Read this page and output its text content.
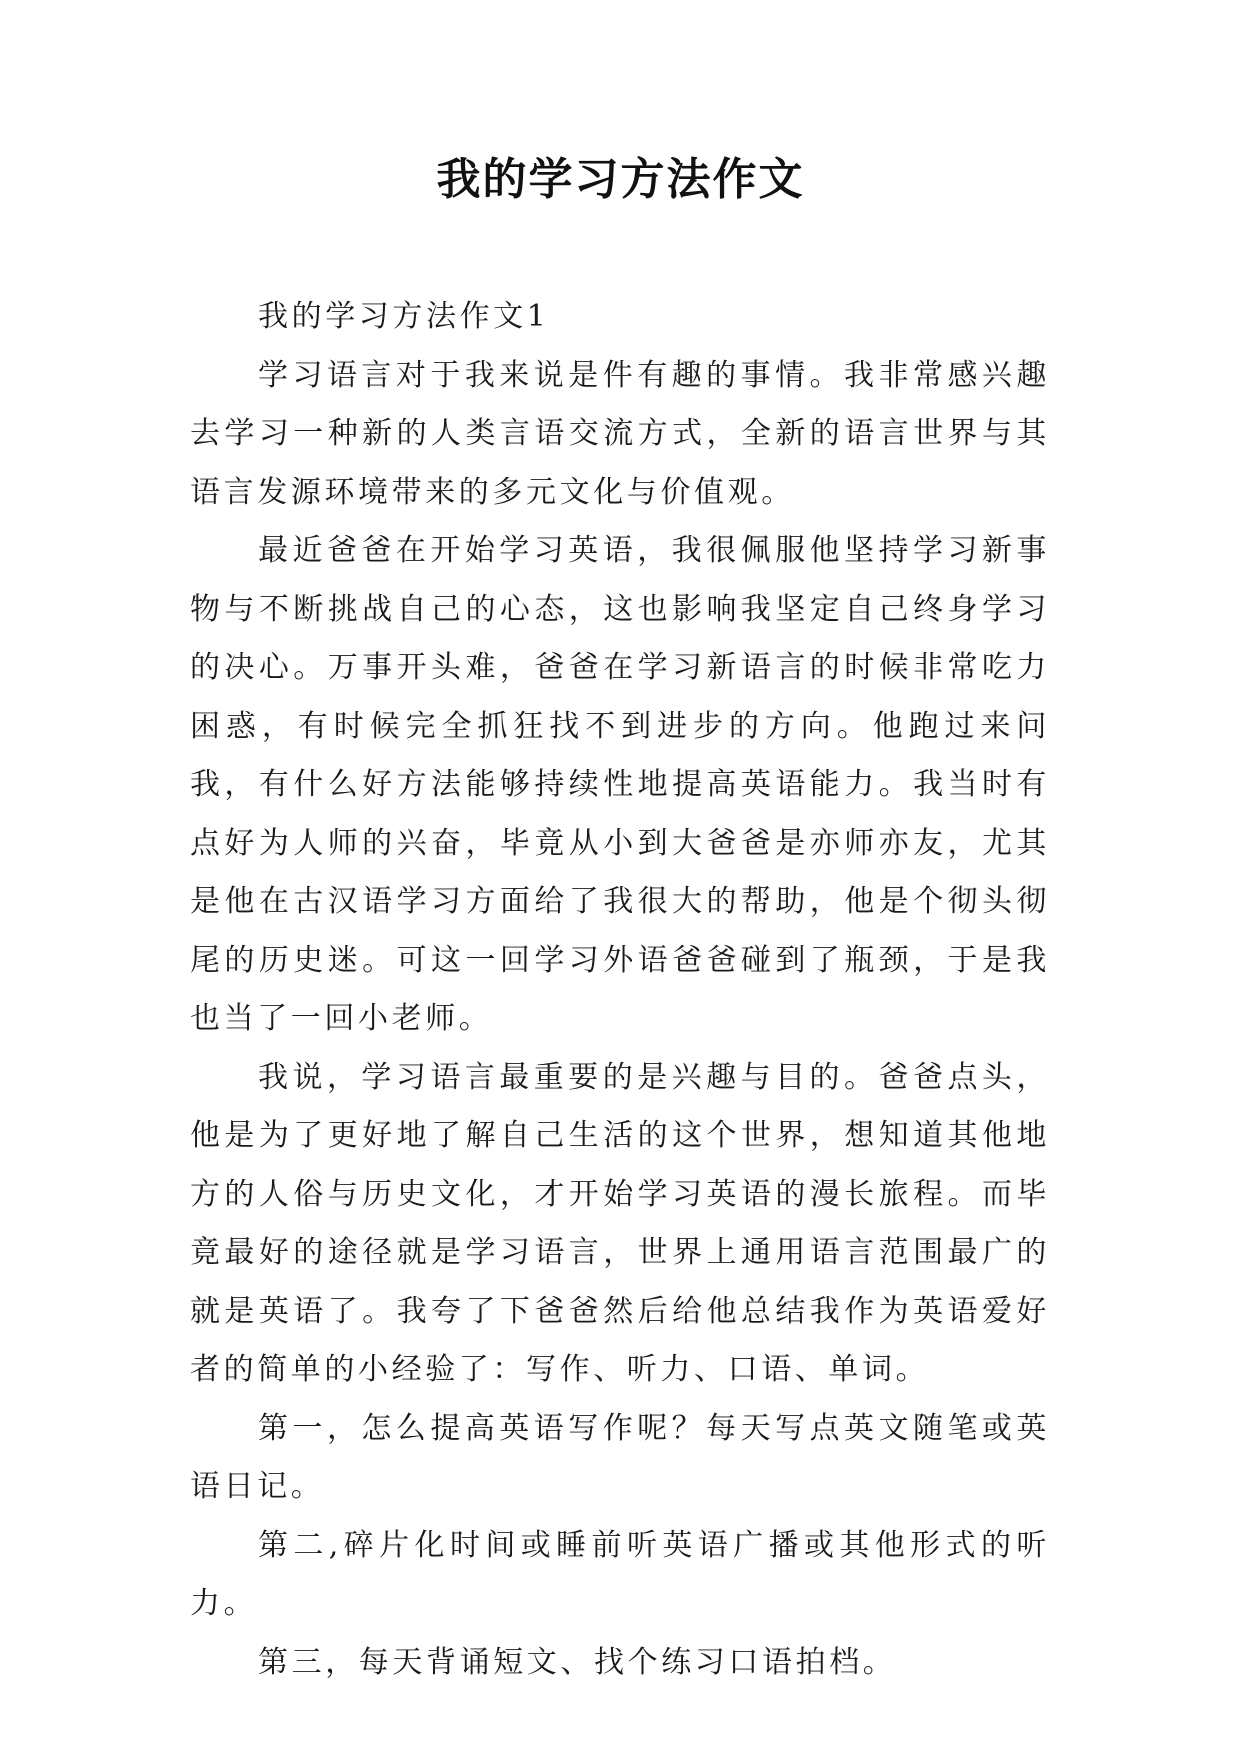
我的学习方法作文

我的学习方法作文1

学习语言对于我来说是件有趣的事情。我非常感兴趣去学习一种新的人类言语交流方式，全新的语言世界与其语言发源环境带来的多元文化与价值观。

最近爸爸在开始学习英语，我很佩服他坚持学习新事物与不断挑战自己的心态，这也影响我坚定自己终身学习的决心。万事开头难，爸爸在学习新语言的时候非常吃力困惑，有时候完全抓狂找不到进步的方向。他跑过来问我，有什么好方法能够持续性地提高英语能力。我当时有点好为人师的兴奋，毕竟从小到大爸爸是亦师亦友，尤其是他在古汉语学习方面给了我很大的帮助，他是个彻头彻尾的历史迷。可这一回学习外语爸爸碰到了瓶颈，于是我也当了一回小老师。

我说，学习语言最重要的是兴趣与目的。爸爸点头，他是为了更好地了解自己生活的这个世界，想知道其他地方的人俗与历史文化，才开始学习英语的漫长旅程。而毕竟最好的途径就是学习语言，世界上通用语言范围最广的就是英语了。我夸了下爸爸然后给他总结我作为英语爱好者的简单的小经验了：写作、听力、口语、单词。

第一，怎么提高英语写作呢？每天写点英文随笔或英语日记。

第二,碎片化时间或睡前听英语广播或其他形式的听力。

第三，每天背诵短文、找个练习口语拍档。
